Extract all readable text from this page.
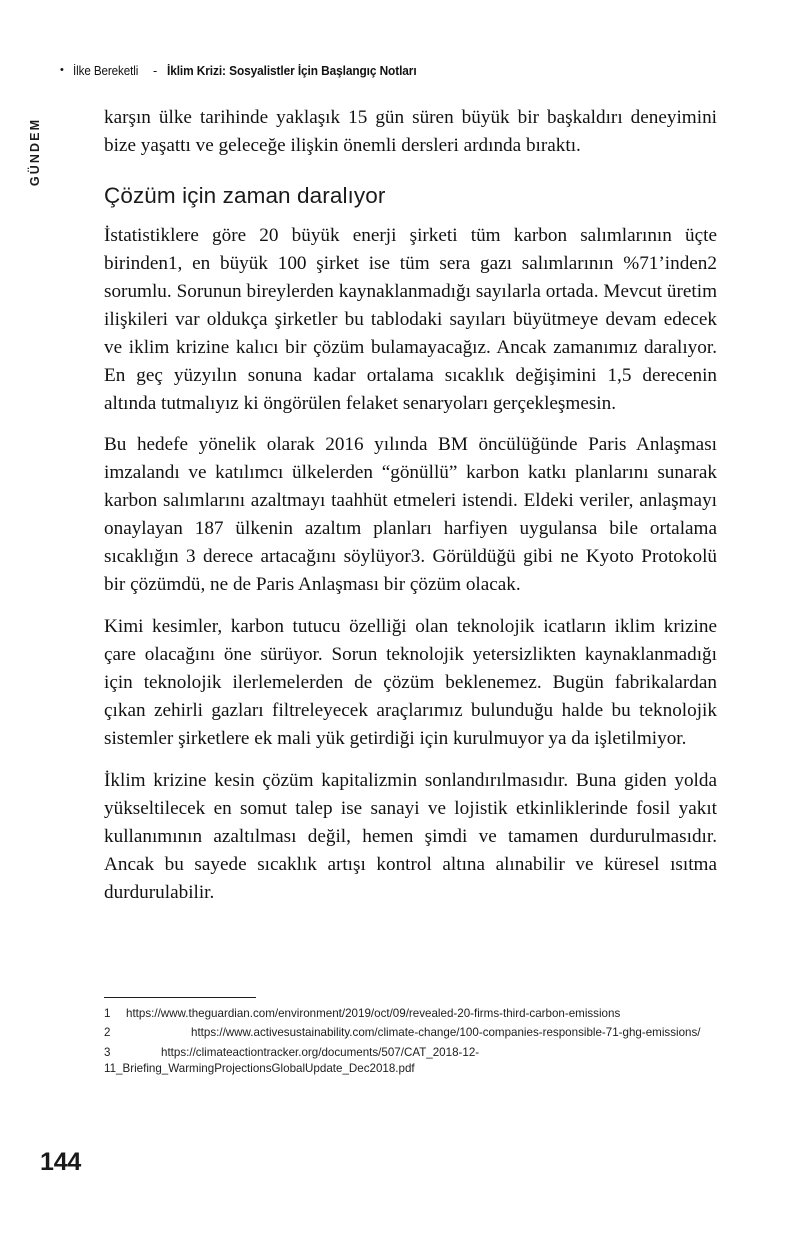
• İlke Bereketli - İklim Krizi: Sosyalistler İçin Başlangıç Notları
GÜNDEM

karşın ülke tarihinde yaklaşık 15 gün süren büyük bir başkaldırı deneyimini bize yaşattı ve geleceğe ilişkin önemli dersleri ardında bıraktı.

Çözüm için zaman daralıyor

İstatistiklere göre 20 büyük enerji şirketi tüm karbon salımlarının üçte birinden1, en büyük 100 şirket ise tüm sera gazı salımlarının %71’inden2 sorumlu. Sorunun bireylerden kaynaklanmadığı sayılarla ortada. Mevcut üretim ilişkileri var oldukça şirketler bu tablodaki sayıları büyütmeye devam edecek ve iklim krizine kalıcı bir çözüm bulamayacağız. Ancak zamanımız daralıyor. En geç yüzyılın sonuna kadar ortalama sıcaklık değişimini 1,5 derecenin altında tutmalıyız ki öngörülen felaket senaryoları gerçekleşmesin.

Bu hedefe yönelik olarak 2016 yılında BM öncülüğünde Paris Anlaşması imzalandı ve katılımcı ülkelerden “gönüllü” karbon katkı planlarını sunarak karbon salımlarını azaltmayı taahhüt etmeleri istendi. Eldeki veriler, anlaşmayı onaylayan 187 ülkenin azaltım planları harfiyen uygulansa bile ortalama sıcaklığın 3 derece artacağını söylüyor3. Görüldüğü gibi ne Kyoto Protokolü bir çözümdü, ne de Paris Anlaşması bir çözüm olacak.

Kimi kesimler, karbon tutucu özelliği olan teknolojik icatların iklim krizine çare olacağını öne sürüyor. Sorun teknolojik yetersizlikten kaynaklanmadığı için teknolojik ilerlemelerden de çözüm beklenemez. Bugün fabrikalardan çıkan zehirli gazları filtreleyecek araçlarımız bulunduğu halde bu teknolojik sistemler şirketlere ek mali yük getirdiği için kurulmuyor ya da işletilmiyor.

İklim krizine kesin çözüm kapitalizmin sonlandırılmasıdır. Buna giden yolda yükseltilecek en somut talep ise sanayi ve lojistik etkinliklerinde fosil yakıt kullanımının azaltılması değil, hemen şimdi ve tamamen durdurulmasıdır. Ancak bu sayede sıcaklık artışı kontrol altına alınabilir ve küresel ısıtma durdurulabilir.

1 https://www.theguardian.com/environment/2019/oct/09/revealed-20-firms-third-carbon-emissions
2	https://www.activesustainability.com/climate-change/100-companies-responsible-71-ghg-emissions/
3	https://climateactiontracker.org/documents/507/CAT_2018-12-11_Briefing_WarmingProjectionsGlobalUpdate_Dec2018.pdf
144
